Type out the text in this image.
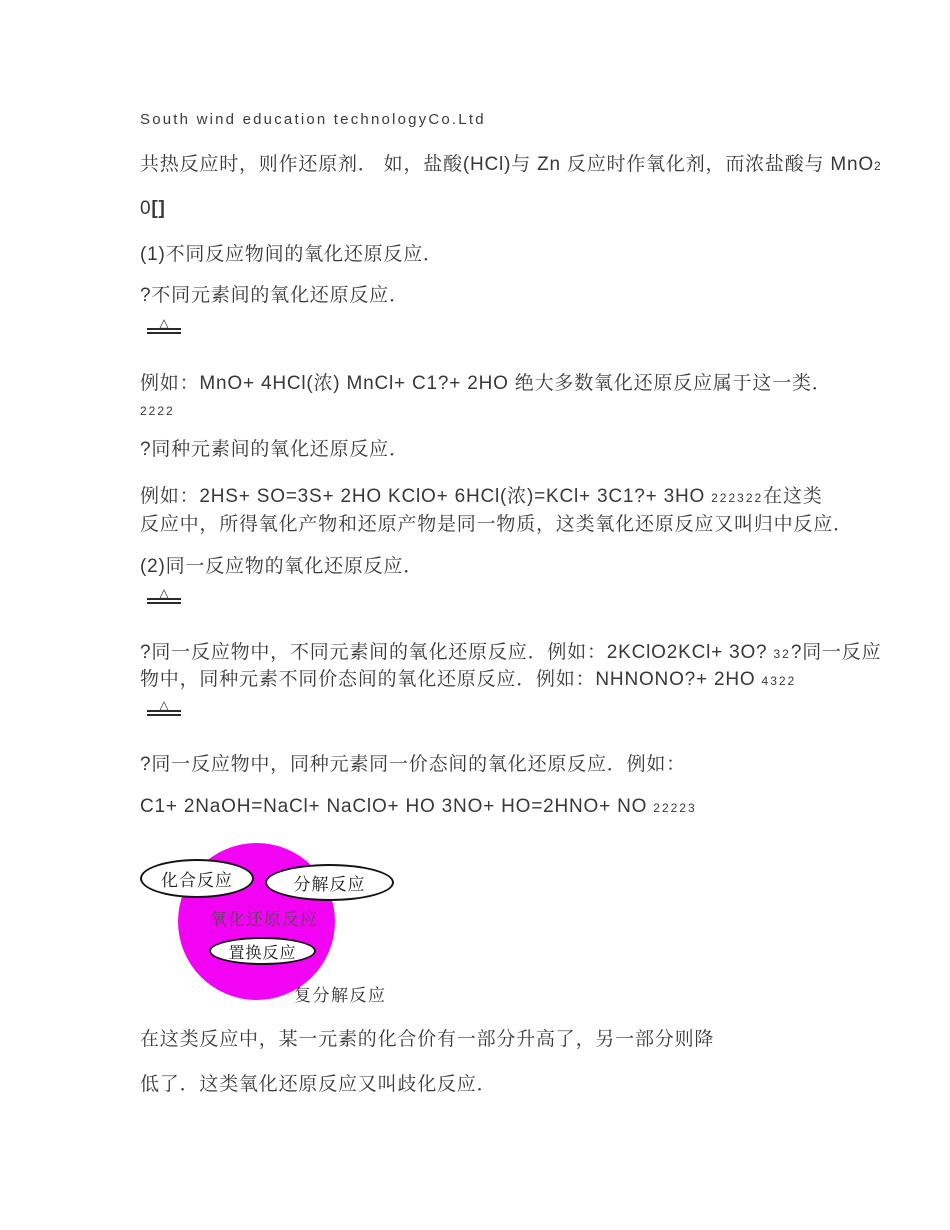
South wind education technologyCo.Ltd
共热反应时，则作还原剂． 如，盐酸(HCl)与 Zn 反应时作氧化剂，而浓盐酸与 MnO2
0[]
(1)不同反应物间的氧化还原反应．
?不同元素间的氧化还原反应．
△
例如：MnO+ 4HCl(浓) MnCl+ C1?+ 2HO 绝大多数氧化还原反应属于这一类．
2222
?同种元素间的氧化还原反应．
例如：2HS+ SO=3S+ 2HO KClO+ 6HCl(浓)=KCl+ 3C1?+ 3HO 222322在这类
反应中，所得氧化产物和还原产物是同一物质，这类氧化还原反应又叫归中反应．
(2)同一反应物的氧化还原反应．
△
?同一反应物中，不同元素间的氧化还原反应．例如：2KClO2KCl+ 3O? 32?同一反应
物中，同种元素不同价态间的氧化还原反应．例如：NHNONO?+ 2HO 4322
△
?同一反应物中，同种元素同一价态间的氧化还原反应．例如：
C1+ 2NaOH=NaCl+ NaClO+ HO 3NO+ HO=2HNO+ NO 22223
化合反应	分解反应
氧化还原反应
置换反应
复分解反应
在这类反应中，某一元素的化合价有一部分升高了，另一部分则降
低了．这类氧化还原反应又叫歧化反应．
